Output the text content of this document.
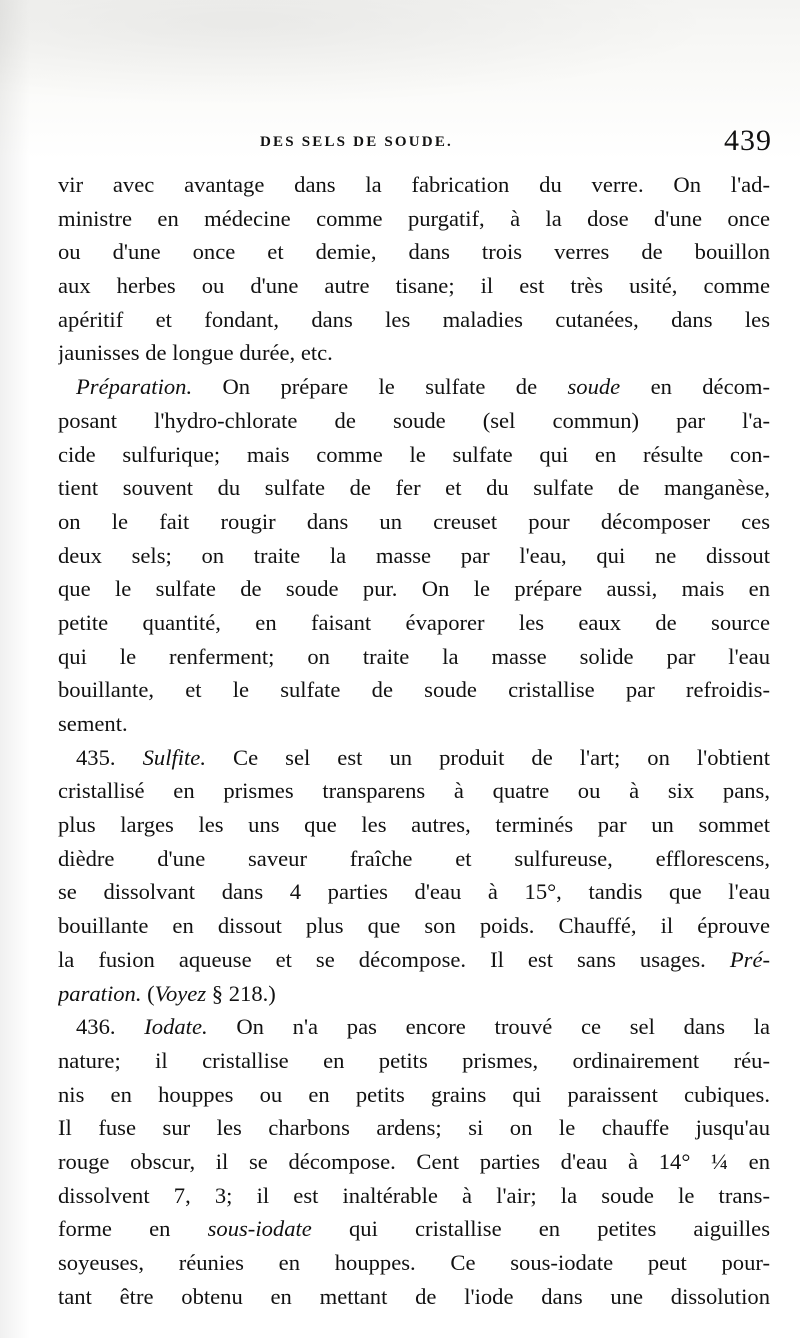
DES SELS DE SOUDE.	439
vir avec avantage dans la fabrication du verre. On l'ad-
ministre en médecine comme purgatif, à la dose d'une once
ou d'une once et demie, dans trois verres de bouillon
aux herbes ou d'une autre tisane; il est très usité, comme
apéritif et fondant, dans les maladies cutanées, dans les
jaunisses de longue durée, etc.
Préparation. On prépare le sulfate de soude en décom-
posant l'hydro-chlorate de soude (sel commun) par l'a-
cide sulfurique; mais comme le sulfate qui en résulte con-
tient souvent du sulfate de fer et du sulfate de manganèse,
on le fait rougir dans un creuset pour décomposer ces
deux sels; on traite la masse par l'eau, qui ne dissout
que le sulfate de soude pur. On le prépare aussi, mais en
petite quantité, en faisant évaporer les eaux de source
qui le renferment; on traite la masse solide par l'eau
bouillante, et le sulfate de soude cristallise par refroidis-
sement.
435. Sulfite. Ce sel est un produit de l'art; on l'obtient
cristallisé en prismes transparens à quatre ou à six pans,
plus larges les uns que les autres, terminés par un sommet
dièdre d'une saveur fraîche et sulfureuse, efflorescens,
se dissolvant dans 4 parties d'eau à 15°, tandis que l'eau
bouillante en dissout plus que son poids. Chauffé, il éprouve
la fusion aqueuse et se décompose. Il est sans usages. Pré-
paration. (Voyez § 218.)
436. Iodate. On n'a pas encore trouvé ce sel dans la
nature; il cristallise en petits prismes, ordinairement réu-
nis en houppes ou en petits grains qui paraissent cubiques.
Il fuse sur les charbons ardens; si on le chauffe jusqu'au
rouge obscur, il se décompose. Cent parties d'eau à 14° ¼ en
dissolvent 7, 3; il est inaltérable à l'air; la soude le trans-
forme en sous-iodate qui cristallise en petites aiguilles
soyeuses, réunies en houppes. Ce sous-iodate peut pour-
tant être obtenu en mettant de l'iode dans une dissolution
